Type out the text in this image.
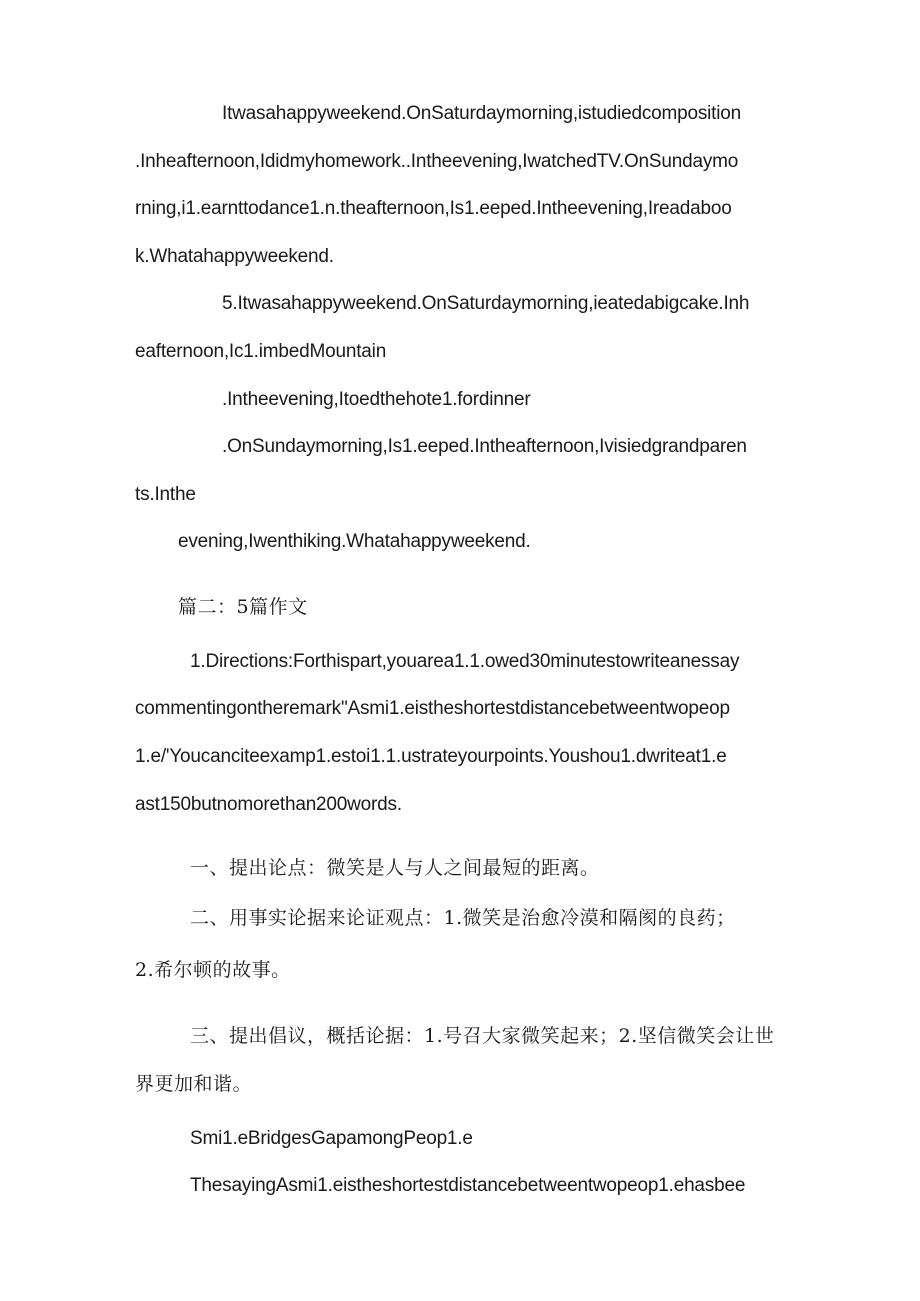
Itwasahappyweekend.OnSaturdaymorning,istudiedcomposition
.Inheafternoon,Ididmyhomework..Intheevening,IwatchedTV.OnSundaymo
rning,i1.earnttodance1.n.theafternoon,Is1.eeped.Intheevening,Ireadaboo
k.Whatahappyweekend.
5.Itwasahappyweekend.OnSaturdaymorning,ieatedabigcake.Inh
eafternoon,Ic1.imbedMountain
.Intheevening,Itoedthehote1.fordinner
.OnSundaymorning,Is1.eeped.Intheafternoon,Ivisiedgrandparen
ts.Inthe
evening,Iwenthiking.Whatahappyweekend.
篇二：5篇作文
1.Directions:Forthispart,youarea1.1.owed30minutestowriteanessay
commentingontheremark"Asmi1.eistheshortestdistancebetweentwopeop
1.e/'Youcanciteexamp1.estoi1.1.ustrateyourpoints.Youshou1.dwriteat1.e
ast150butnomorethan200words.
一、提出论点：微笑是人与人之间最短的距离。
二、用事实论据来论证观点：1.微笑是治愈冷漠和隔阂的良药；
2.希尔顿的故事。
三、提出倡议，概括论据：1.号召大家微笑起来；2.坚信微笑会让世
界更加和谐。
Smi1.eBridgesGapamongPeop1.e
ThesayingAsmi1.eistheshortestdistancebetweentwopeop1.ehasbee
